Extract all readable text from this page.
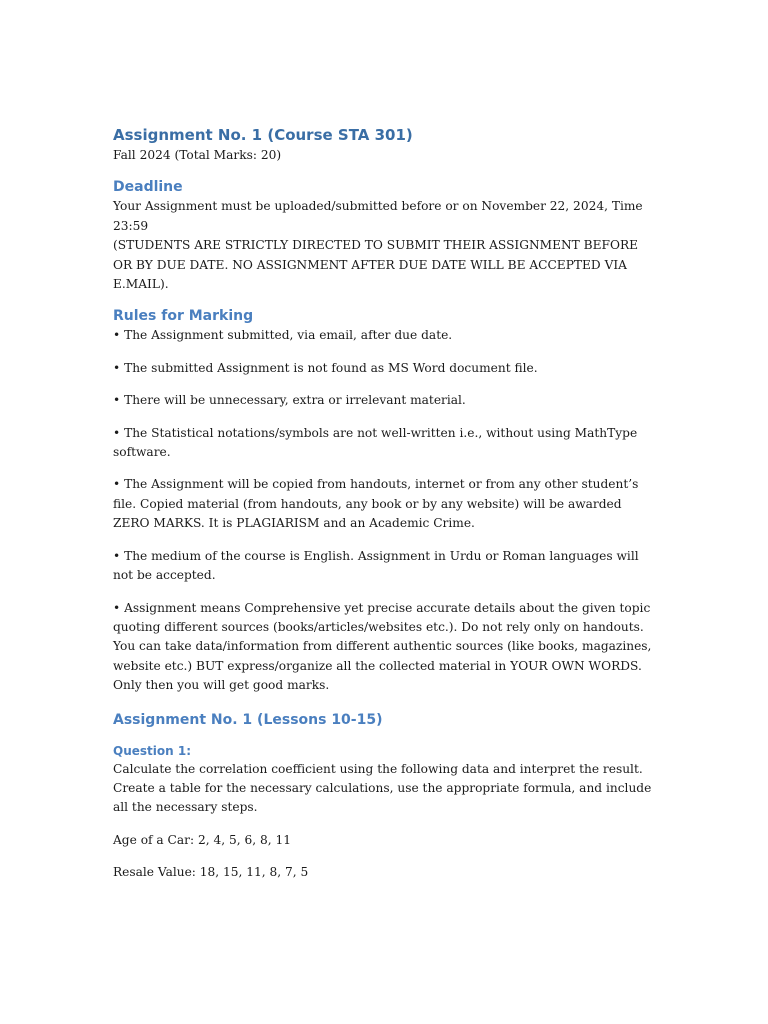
Assignment No. 1 (Course STA 301)

Fall 2024 (Total Marks: 20)

Deadline

Your Assignment must be uploaded/submitted before or on November 22, 2024, Time 23:59

(STUDENTS ARE STRICTLY DIRECTED TO SUBMIT THEIR ASSIGNMENT BEFORE OR BY DUE DATE. NO ASSIGNMENT AFTER DUE DATE WILL BE ACCEPTED VIA E.MAIL).

Rules for Marking

• The Assignment submitted, via email, after due date.

• The submitted Assignment is not found as MS Word document file.

• There will be unnecessary, extra or irrelevant material.

• The Statistical notations/symbols are not well-written i.e., without using MathType software.

• The Assignment will be copied from handouts, internet or from any other student’s file. Copied material (from handouts, any book or by any website) will be awarded ZERO MARKS. It is PLAGIARISM and an Academic Crime.

• The medium of the course is English. Assignment in Urdu or Roman languages will not be accepted.

• Assignment means Comprehensive yet precise accurate details about the given topic quoting different sources (books/articles/websites etc.). Do not rely only on handouts. You can take data/information from different authentic sources (like books, magazines, website etc.) BUT express/organize all the collected material in YOUR OWN WORDS. Only then you will get good marks.

Assignment No. 1 (Lessons 10-15)
Question 1:

Calculate the correlation coefficient using the following data and interpret the result. Create a table for the necessary calculations, use the appropriate formula, and include all the necessary steps.

Age of a Car: 2, 4, 5, 6, 8, 11

Resale Value: 18, 15, 11, 8, 7, 5
